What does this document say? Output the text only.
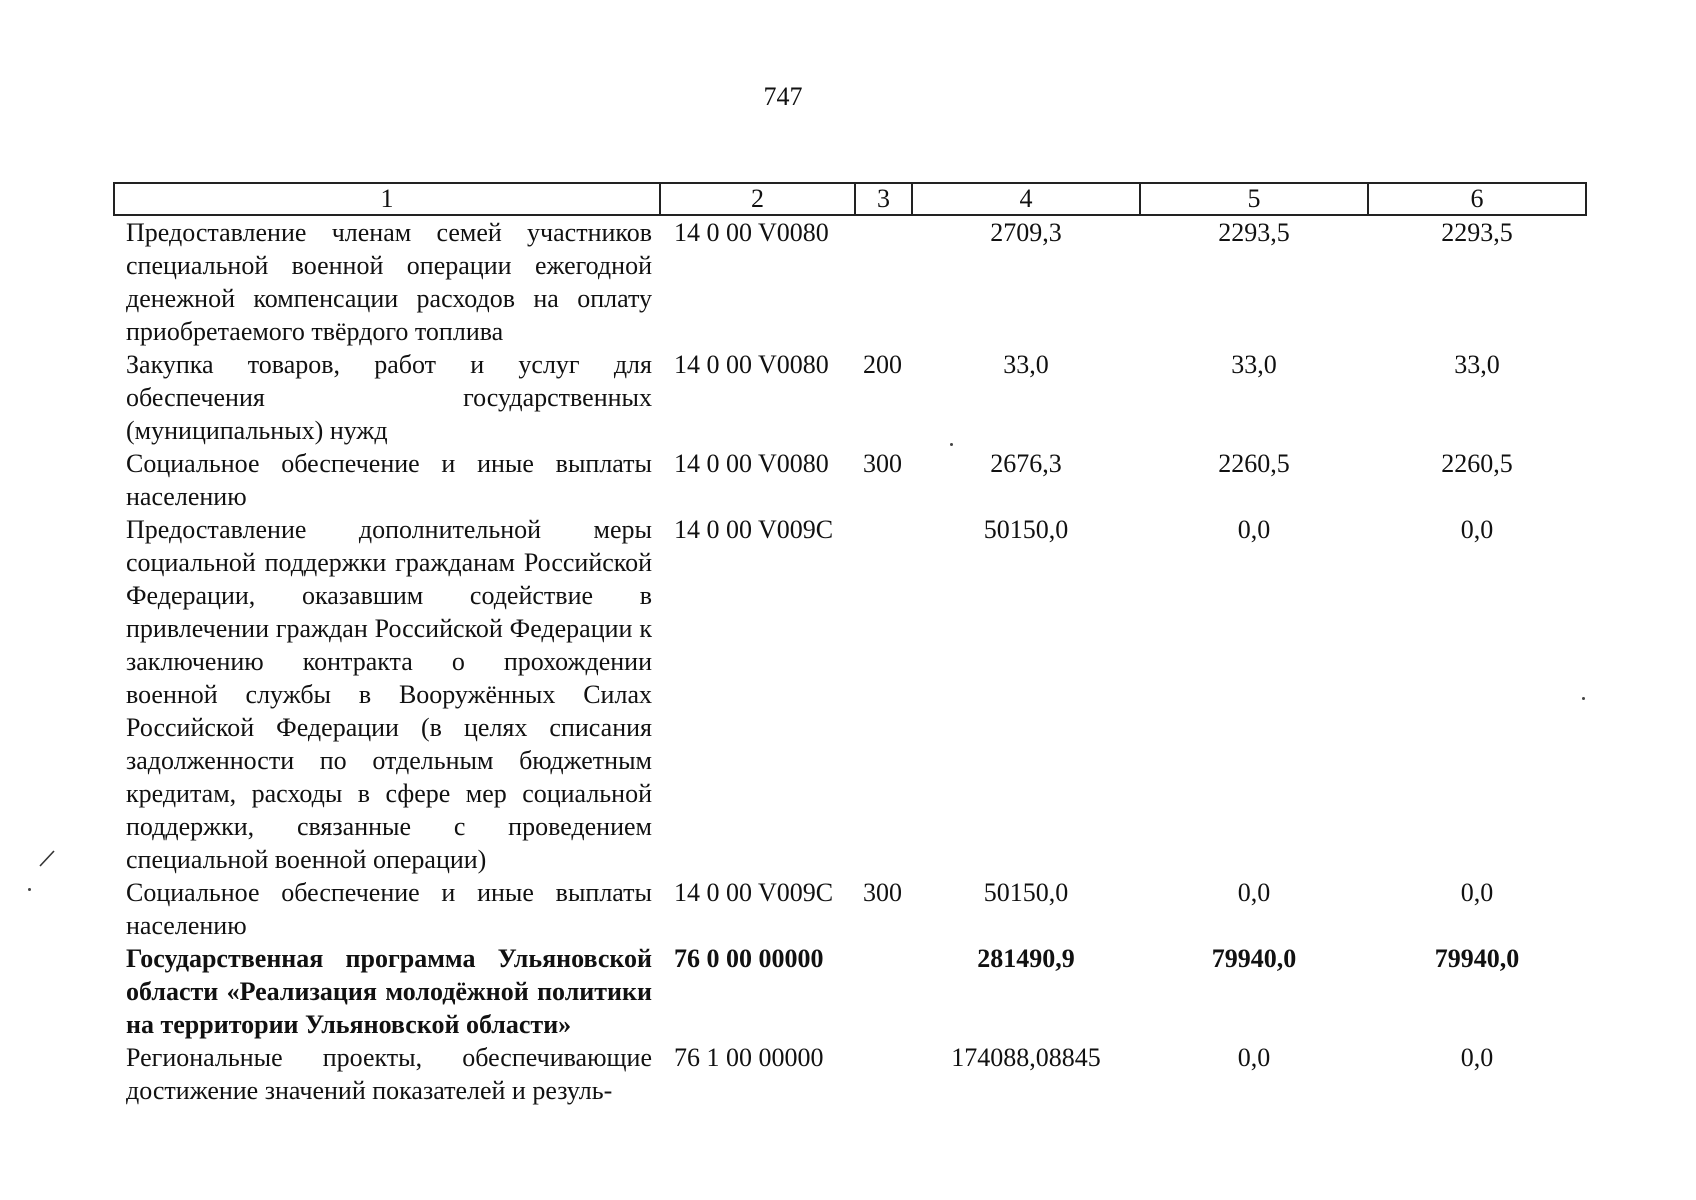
747
1	2	3	4	5	6
Предоставление членам семей участников специальной военной операции ежегодной денежной компенсации расходов на оплату приобретаемого твёрдого топлива	14 0 00 V0080		2709,3	2293,5	2293,5
Закупка товаров, работ и услуг для обеспечения государственных (муниципальных) нужд	14 0 00 V0080	200	33,0	33,0	33,0
Социальное обеспечение и иные выплаты населению	14 0 00 V0080	300	2676,3	2260,5	2260,5
Предоставление дополнительной меры социальной поддержки гражданам Российской Федерации, оказавшим содействие в привлечении граждан Российской Федерации к заключению контракта о прохождении военной службы в Вооружённых Силах Российской Федерации (в целях списания задолженности по отдельным бюджетным кредитам, расходы в сфере мер социальной поддержки, связанные с проведением специальной военной операции)	14 0 00 V009C		50150,0	0,0	0,0
Социальное обеспечение и иные выплаты населению	14 0 00 V009C	300	50150,0	0,0	0,0
Государственная программа Ульяновской области «Реализация молодёжной политики на территории Ульяновской области»	76 0 00 00000		281490,9	79940,0	79940,0
Региональные проекты, обеспечивающие достижение значений показателей и резуль-	76 1 00 00000		174088,08845	0,0	0,0
